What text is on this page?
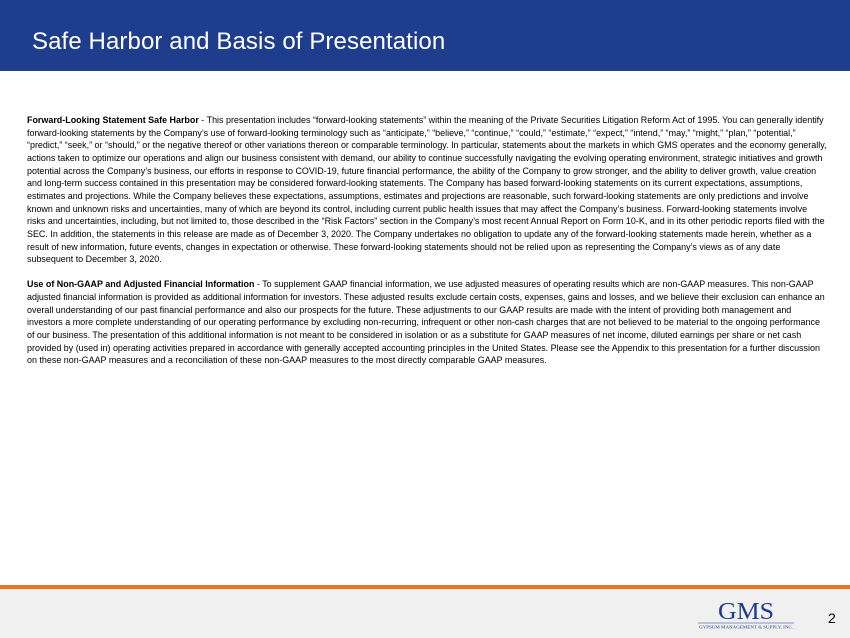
Safe Harbor and Basis of Presentation

Forward-Looking Statement Safe Harbor - This presentation includes “forward-looking statements” within the meaning of the Private Securities Litigation Reform Act of 1995. You can generally identify forward-looking statements by the Company’s use of forward-looking terminology such as “anticipate,” “believe,” “continue,” “could,” “estimate,” “expect,” “intend,” “may,” “might,” “plan,” “potential,” “predict,” “seek,” or “should,” or the negative thereof or other variations thereon or comparable terminology. In particular, statements about the markets in which GMS operates and the economy generally, actions taken to optimize our operations and align our business consistent with demand, our ability to continue successfully navigating the evolving operating environment, strategic initiatives and growth potential across the Company’s business, our efforts in response to COVID-19, future financial performance, the ability of the Company to grow stronger, and the ability to deliver growth, value creation and long-term success contained in this presentation may be considered forward-looking statements. The Company has based forward-looking statements on its current expectations, assumptions, estimates and projections. While the Company believes these expectations, assumptions, estimates and projections are reasonable, such forward-looking statements are only predictions and involve known and unknown risks and uncertainties, many of which are beyond its control, including current public health issues that may affect the Company’s business. Forward-looking statements involve risks and uncertainties, including, but not limited to, those described in the “Risk Factors” section in the Company’s most recent Annual Report on Form 10-K, and in its other periodic reports filed with the SEC. In addition, the statements in this release are made as of December 3, 2020. The Company undertakes no obligation to update any of the forward-looking statements made herein, whether as a result of new information, future events, changes in expectation or otherwise. These forward-looking statements should not be relied upon as representing the Company’s views as of any date subsequent to December 3, 2020.

Use of Non-GAAP and Adjusted Financial Information - To supplement GAAP financial information, we use adjusted measures of operating results which are non-GAAP measures. This non-GAAP adjusted financial information is provided as additional information for investors. These adjusted results exclude certain costs, expenses, gains and losses, and we believe their exclusion can enhance an overall understanding of our past financial performance and also our prospects for the future. These adjustments to our GAAP results are made with the intent of providing both management and investors a more complete understanding of our operating performance by excluding non-recurring, infrequent or other non-cash charges that are not believed to be material to the ongoing performance of our business. The presentation of this additional information is not meant to be considered in isolation or as a substitute for GAAP measures of net income, diluted earnings per share or net cash provided by (used in) operating activities prepared in accordance with generally accepted accounting principles in the United States. Please see the Appendix to this presentation for a further discussion on these non-GAAP measures and a reconciliation of these non-GAAP measures to the most directly comparable GAAP measures.

GMS
GYPSUM MANAGEMENT & SUPPLY, INC.
2
